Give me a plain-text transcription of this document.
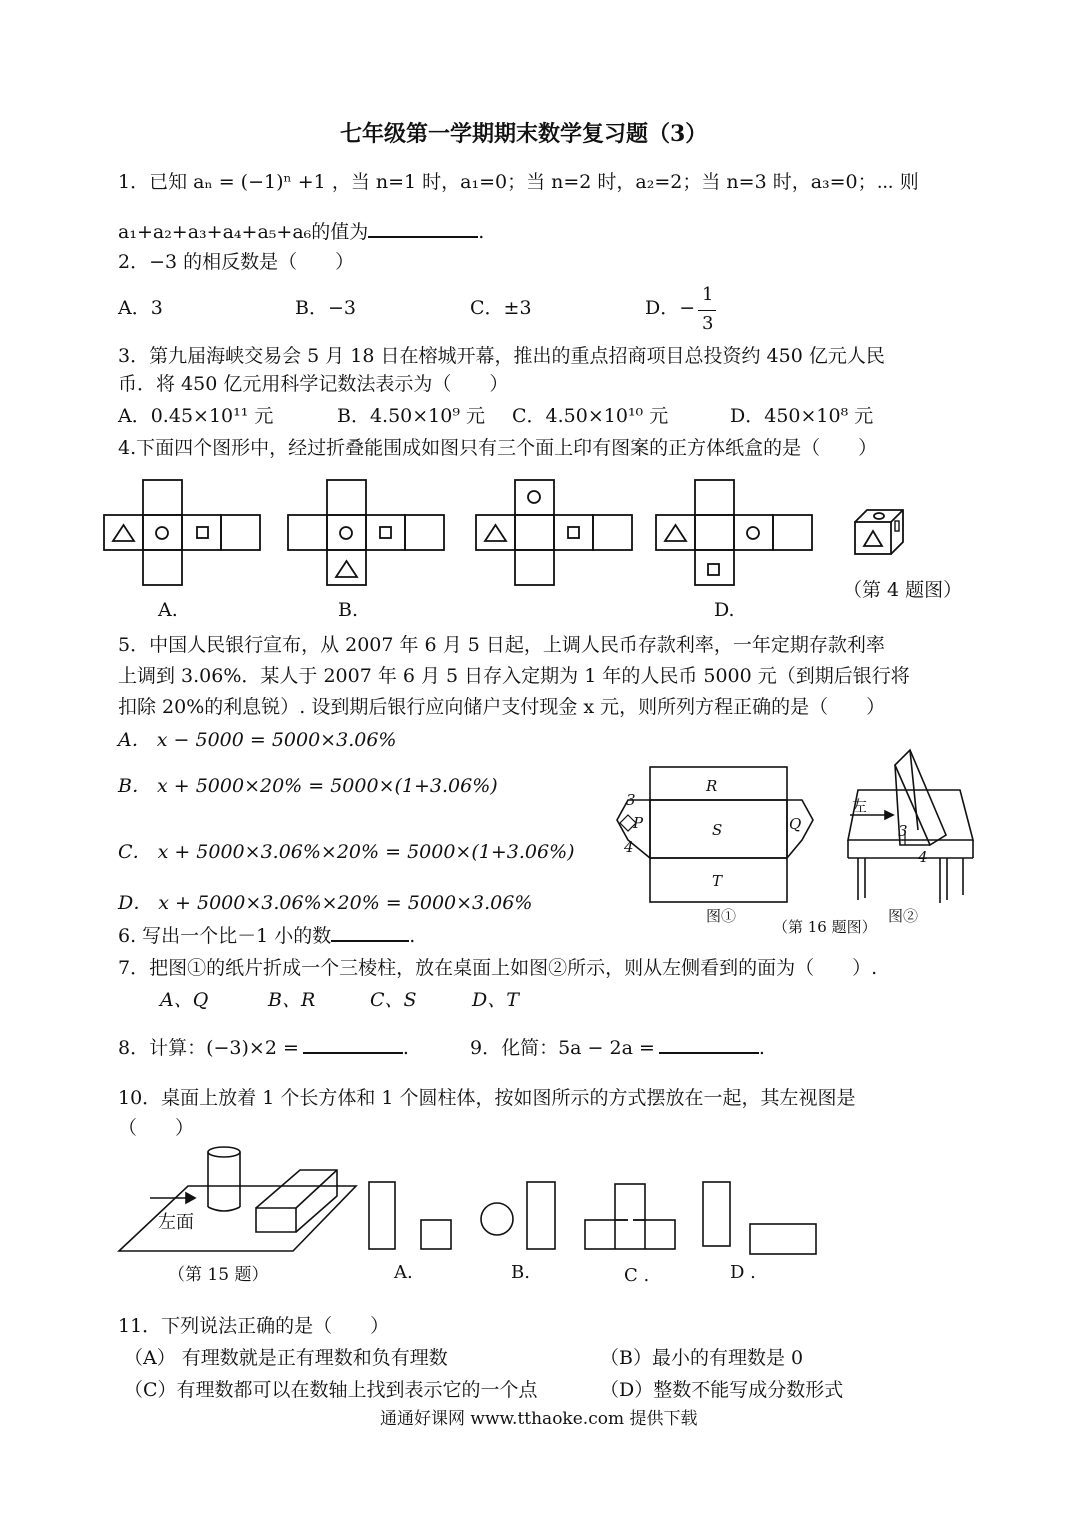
七年级第一学期期末数学复习题（3）
1．已知 aₙ = (−1)ⁿ +1 ，当 n=1 时，a₁=0；当 n=2 时，a₂=2；当 n=3 时，a₃=0；⋯ 则
a₁+a₂+a₃+a₄+a₅+a₆的值为	.
2．−3 的相反数是（　　）
A．3	B．−3	C．±3	D．−
1
3
3．第九届海峡交易会 5 月 18 日在榕城开幕，推出的重点招商项目总投资约 450 亿元人民
币．将 450 亿元用科学记数法表示为（　　）
A．0.45×10¹¹ 元	B．4.50×10⁹ 元 C．4.50×10¹⁰ 元	D．450×10⁸ 元
4.下面四个图形中，经过折叠能围成如图只有三个面上印有图案的正方体纸盒的是（　　）
A.	B.	D.
（第 4 题图）
5．中国人民银行宣布，从 2007 年 6 月 5 日起，上调人民币存款利率，一年定期存款利率
上调到 3.06%．某人于 2007 年 6 月 5 日存入定期为 1 年的人民币 5000 元（到期后银行将
扣除 20%的利息锐）. 设到期后银行应向储户支付现金 x 元，则所列方程正确的是（　　）
A． x − 5000 = 5000×3.06%
B． x + 5000×20% = 5000×(1+3.06%)
C． x + 5000×3.06%×20% = 5000×(1+3.06%)
D． x + 5000×3.06%×20% = 5000×3.06%
R
S
T
P	Q
3
4
3
4
左
图①
（第 16 题图）
图②
6. 写出一个比－1 小的数	.
7．把图①的纸片折成一个三棱柱，放在桌面上如图②所示，则从左侧看到的面为（　　）.
A、Q	B、R	C、S	D、T
8．计算：(−3)×2 =	.	9．化简：5a − 2a =	.
10．桌面上放着 1 个长方体和 1 个圆柱体，按如图所示的方式摆放在一起，其左视图是
（　　）
左面
（第 15 题）	A.	B.	C .	D .
11．下列说法正确的是（　　）
（A） 有理数就是正有理数和负有理数	（B）最小的有理数是 0
（C）有理数都可以在数轴上找到表示它的一个点	（D）整数不能写成分数形式
通通好课网 www.tthaoke.com 提供下载
